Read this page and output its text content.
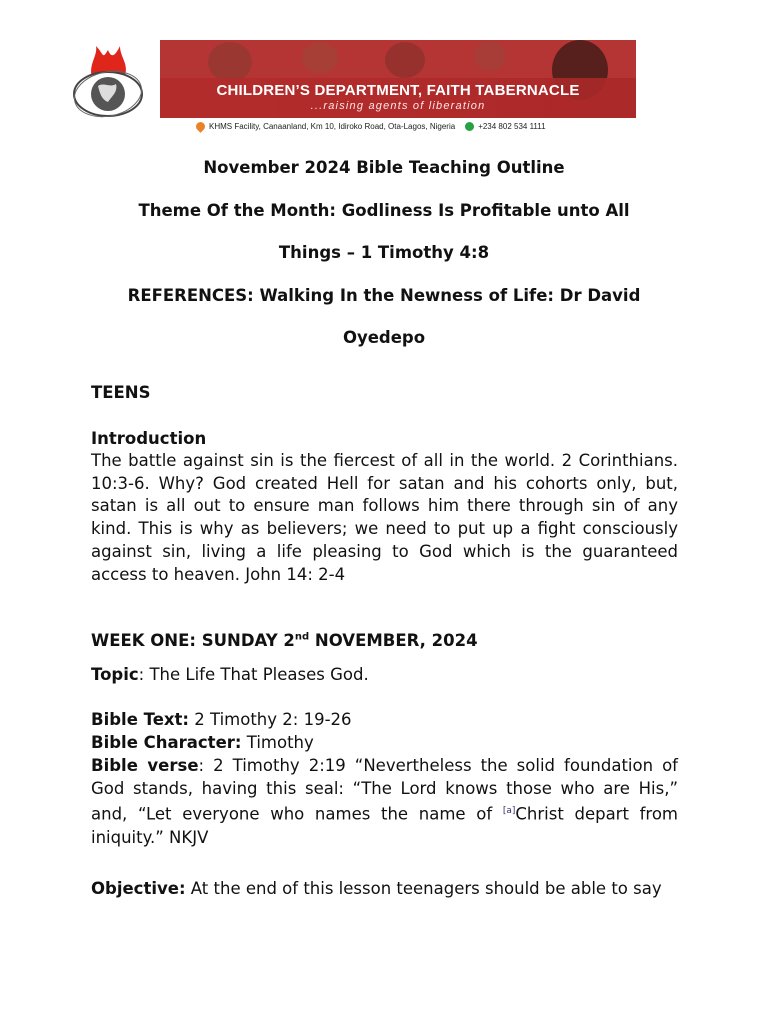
CHILDREN’S DEPARTMENT, FAITH TABERNACLE
...raising agents of liberation
KHMS Facility, Canaanland, Km 10, Idiroko Road, Ota-Lagos, Nigeria	+234 802 534 1111
November 2024 Bible Teaching Outline
Theme Of the Month: Godliness Is Profitable unto All
Things – 1 Timothy 4:8
REFERENCES: Walking In the Newness of Life: Dr David
Oyedepo
TEENS
Introduction
The battle against sin is the fiercest of all in the world. 2 Corinthians. 10:3-6. Why? God created Hell for satan and his cohorts only, but, satan is all out to ensure man follows him there through sin of any kind. This is why as believers; we need to put up a fight consciously against sin, living a life pleasing to God which is the guaranteed access to heaven. John 14: 2-4
WEEK ONE: SUNDAY 2nd NOVEMBER, 2024
Topic: The Life That Pleases God.
Bible Text: 2 Timothy 2: 19-26
Bible Character: Timothy
Bible verse: 2 Timothy 2:19 “Nevertheless the solid foundation of God stands, having this seal: “The Lord knows those who are His,” and, “Let everyone who names the name of [a]Christ depart from iniquity.” NKJV
Objective: At the end of this lesson teenagers should be able to say
